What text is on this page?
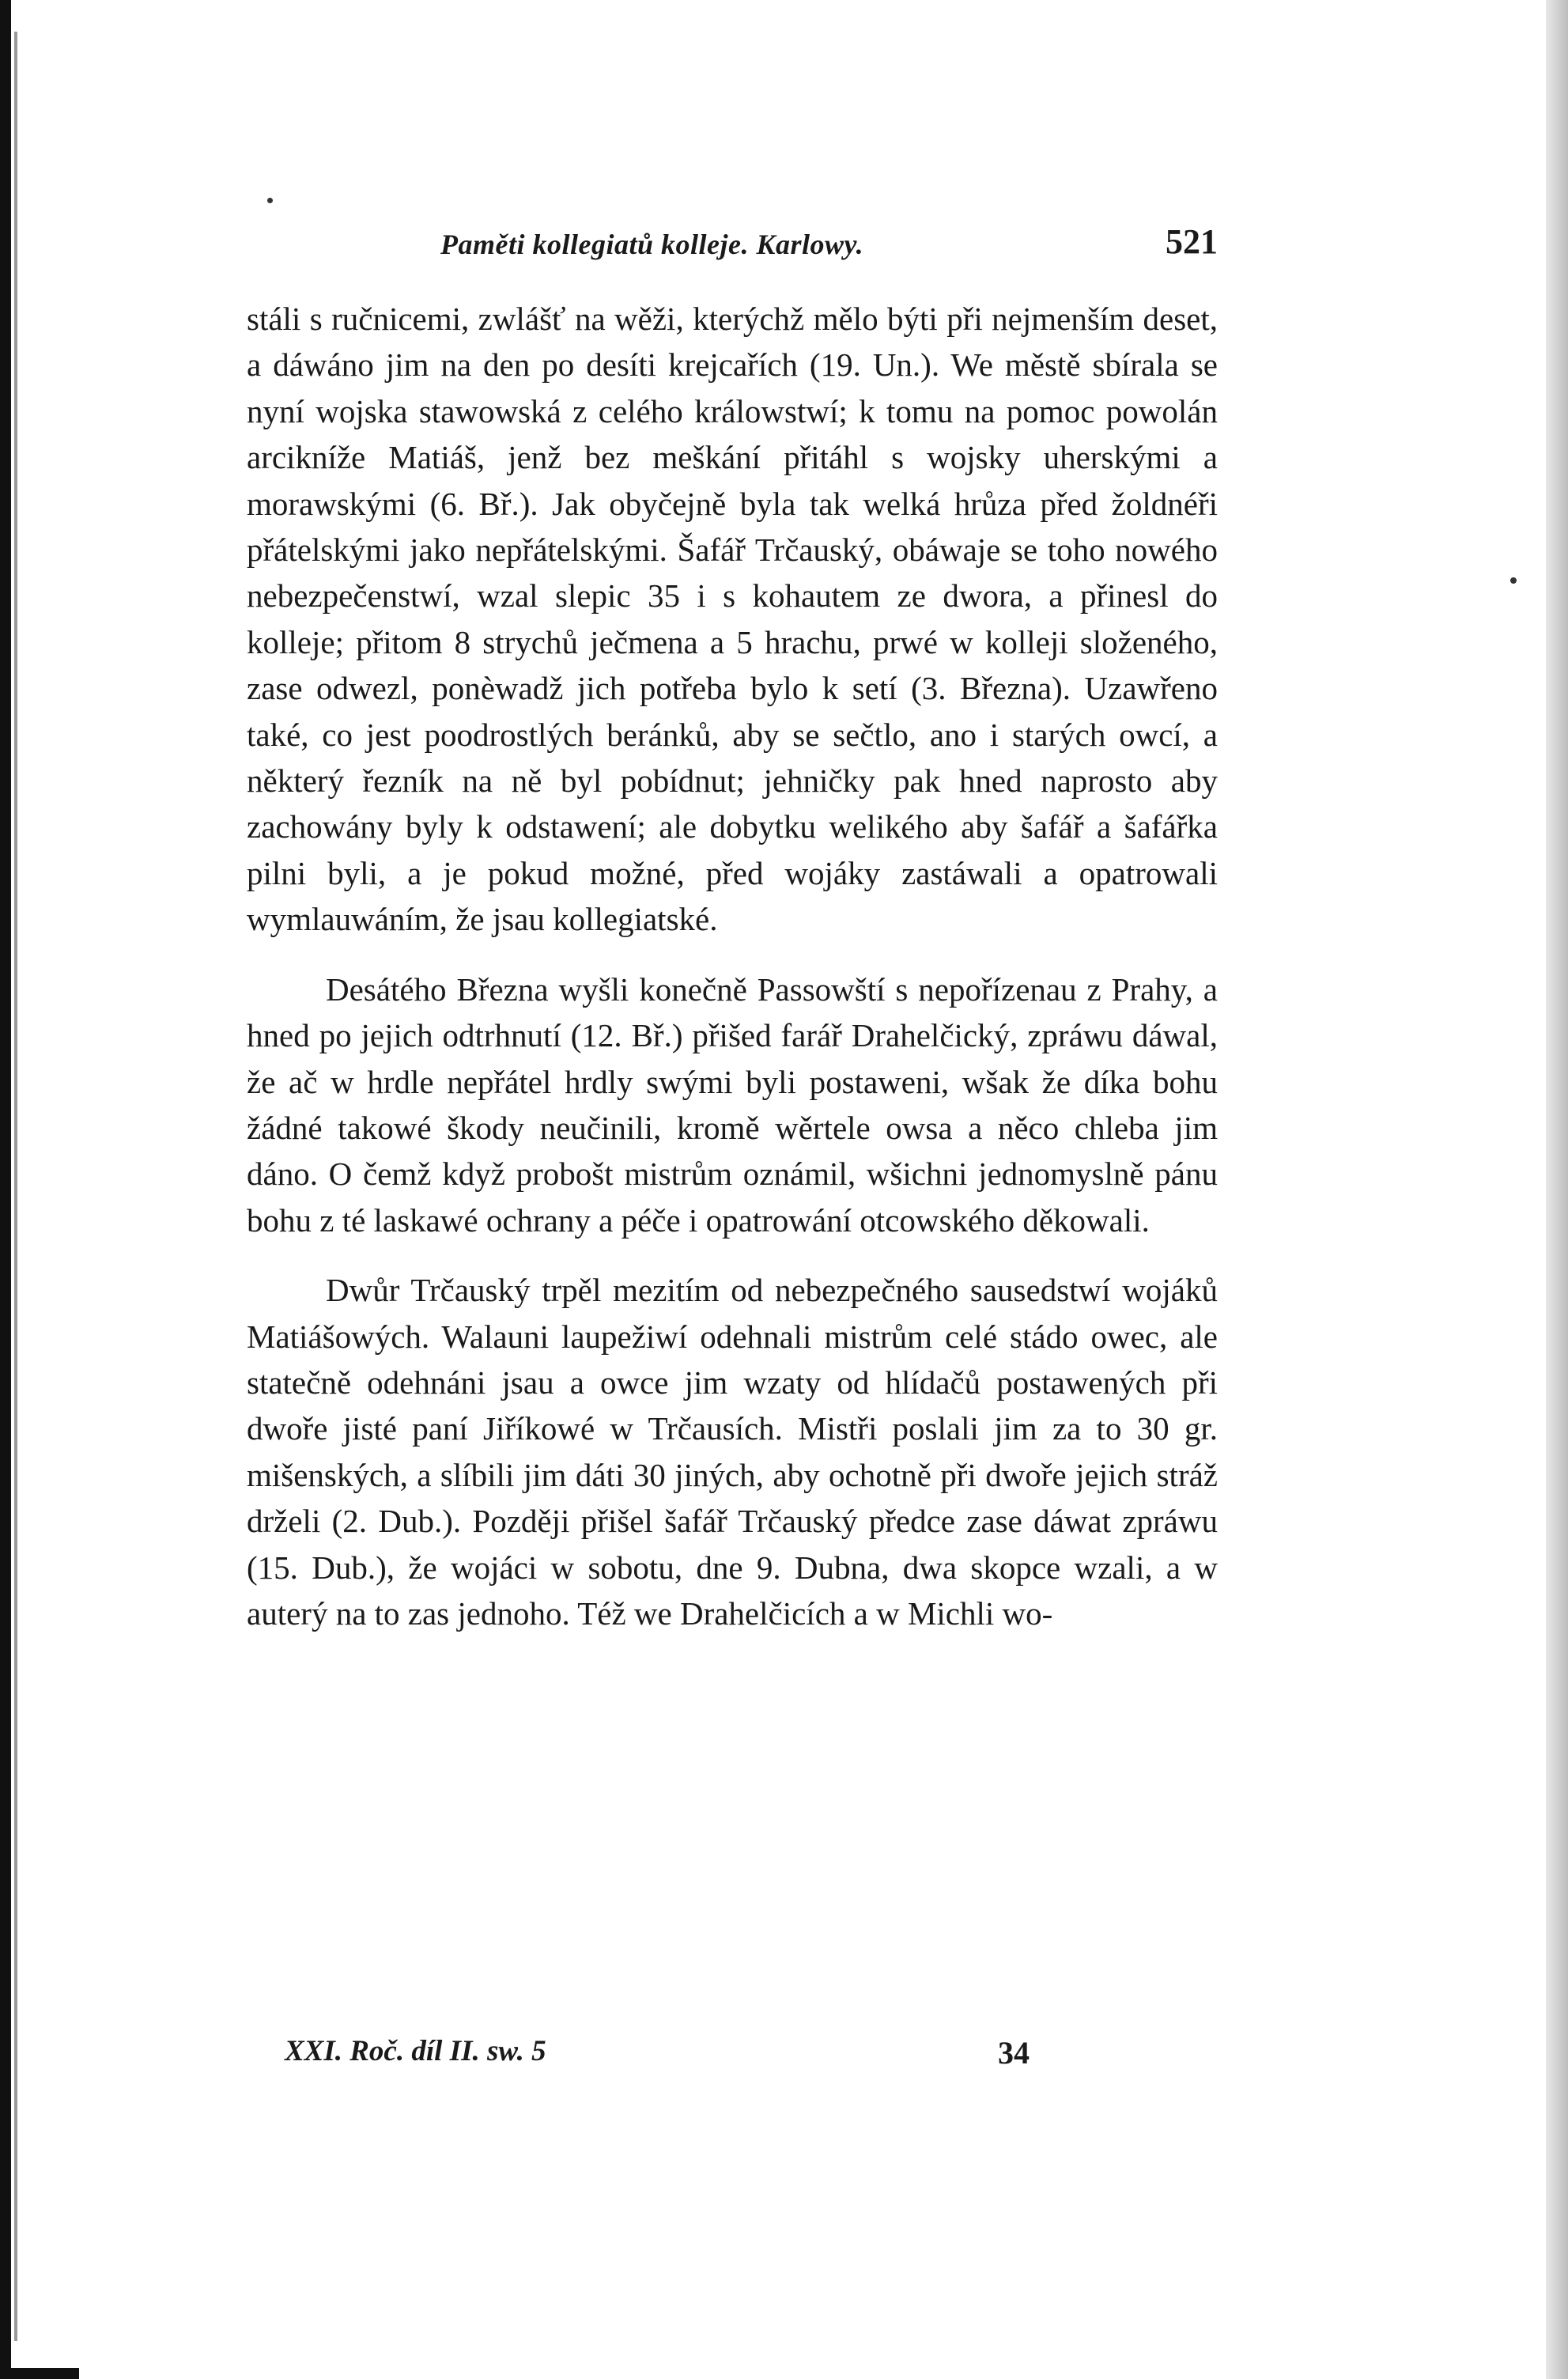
Paměti kollegiatů kolleje. Karlowy.	521

stáli s ručnicemi, zwlášť na wěži, kterýchž mělo býti při nejmenším deset, a dáwáno jim na den po desíti krejcařích (19. Un.). We městě sbírala se nyní wojska stawowská z celého králowstwí; k tomu na pomoc powolán arcikníže Matiáš, jenž bez meškání přitáhl s wojsky uherskými a morawskými (6. Bř.). Jak obyčejně byla tak welká hrůza před žoldnéři přátelskými jako nepřátelskými. Šafář Trčauský, obáwaje se toho nowého nebezpečenstwí, wzal slepic 35 i s kohautem ze dwora, a přinesl do kolleje; přitom 8 strychů ječmena a 5 hrachu, prwé w kolleji složeného, zase odwezl, ponèwadž jich potřeba bylo k setí (3. Března). Uzawřeno také, co jest poodrostlých beránků, aby se sečtlo, ano i starých owcí, a některý řezník na ně byl pobídnut; jehničky pak hned naprosto aby zachowány byly k odstawení; ale dobytku welikého aby šafář a šafářka pilni byli, a je pokud možné, před wojáky zastáwali a opatrowali wymlauwáním, že jsau kollegiatské.

Desátého Března wyšli konečně Passowští s nepořízenau z Prahy, a hned po jejich odtrhnutí (12. Bř.) přišed farář Drahelčický, zpráwu dáwal, že ač w hrdle nepřátel hrdly swými byli postaweni, wšak že díka bohu žádné takowé škody neučinili, kromě wěrtele owsa a něco chleba jim dáno. O čemž když probošt mistrům oznámil, wšichni jednomyslně pánu bohu z té laskawé ochrany a péče i opatrowání otcowského děkowali.

Dwůr Trčauský trpěl mezitím od nebezpečného sausedstwí wojáků Matiášowých. Walauni laupežiwí odehnali mistrům celé stádo owec, ale statečně odehnáni jsau a owce jim wzaty od hlídačů postawených při dwoře jisté paní Jiříkowé w Trčausích. Mistři poslali jim za to 30 gr. mišenských, a slíbili jim dáti 30 jiných, aby ochotně při dwoře jejich stráž drželi (2. Dub.). Později přišel šafář Trčauský předce zase dáwat zpráwu (15. Dub.), že wojáci w sobotu, dne 9. Dubna, dwa skopce wzali, a w auterý na to zas jednoho. Též we Drahelčicích a w Michli wo-

XXI. Roč. díl II. sw. 5	34
